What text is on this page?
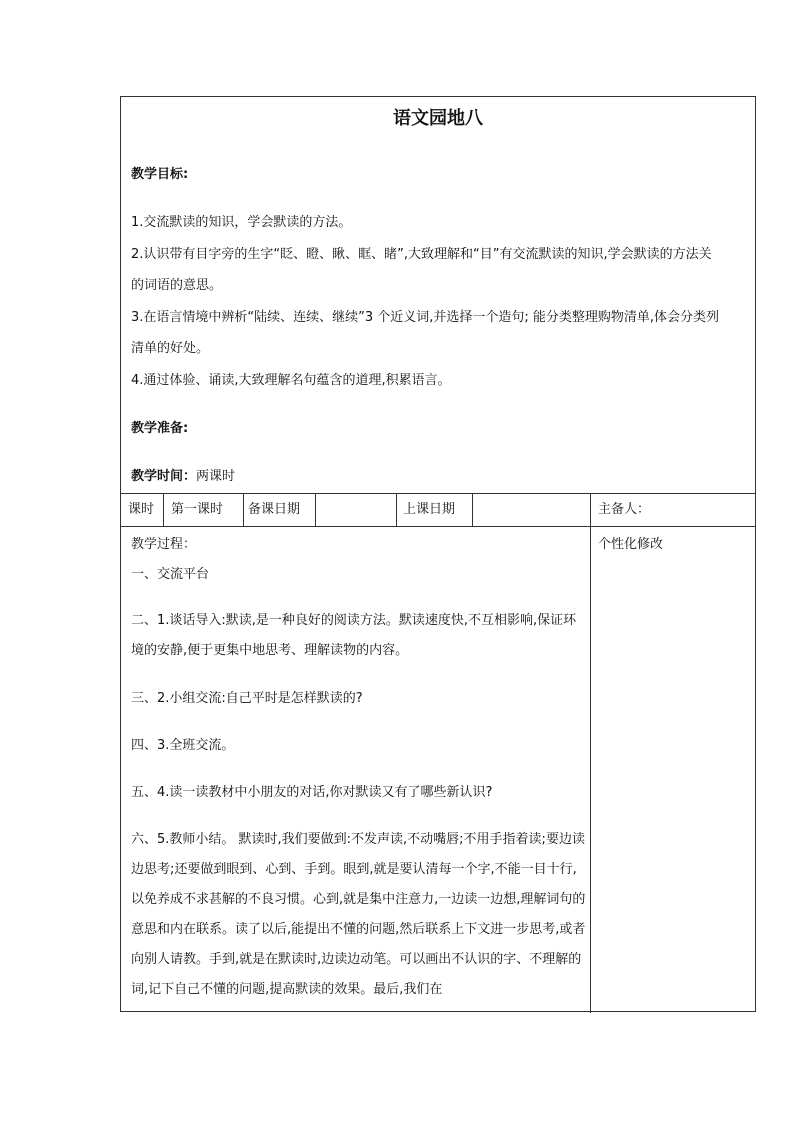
语文园地八
教学目标:
1.交流默读的知识，学会默读的方法。
2.认识带有目字旁的生字“眨、瞪、瞅、眶、睹”,大致理解和“目”有交流默读的知识,学会默读的方法关
的词语的意思。
3.在语言情境中辨析“陆续、连续、继续”3 个近义词,并选择一个造句; 能分类整理购物清单,体会分类列
清单的好处。
4.通过体验、诵读,大致理解名句蕴含的道理,积累语言。
教学准备:
教学时间：两课时
课时 第一课时 备课日期	上课日期	主备人：
教学过程：	个性化修改

一、交流平台

二、1.谈话导入:默读,是一种良好的阅读方法。默读速度快,不互相影响,保证环境的安静,便于更集中地思考、理解读物的内容。

三、2.小组交流:自己平时是怎样默读的?

四、3.全班交流。

五、4.读一读教材中小朋友的对话,你对默读又有了哪些新认识?

六、5.教师小结。 默读时,我们要做到:不发声读,不动嘴唇;不用手指着读;要边读边思考;还要做到眼到、心到、手到。眼到,就是要认清每一个字,不能一目十行,以免养成不求甚解的不良习惯。心到,就是集中注意力,一边读一边想,理解词句的意思和内在联系。读了以后,能提出不懂的问题,然后联系上下文进一步思考,或者向别人请教。手到,就是在默读时,边读边动笔。可以画出不认识的字、不理解的词,记下自己不懂的问题,提高默读的效果。最后,我们在
